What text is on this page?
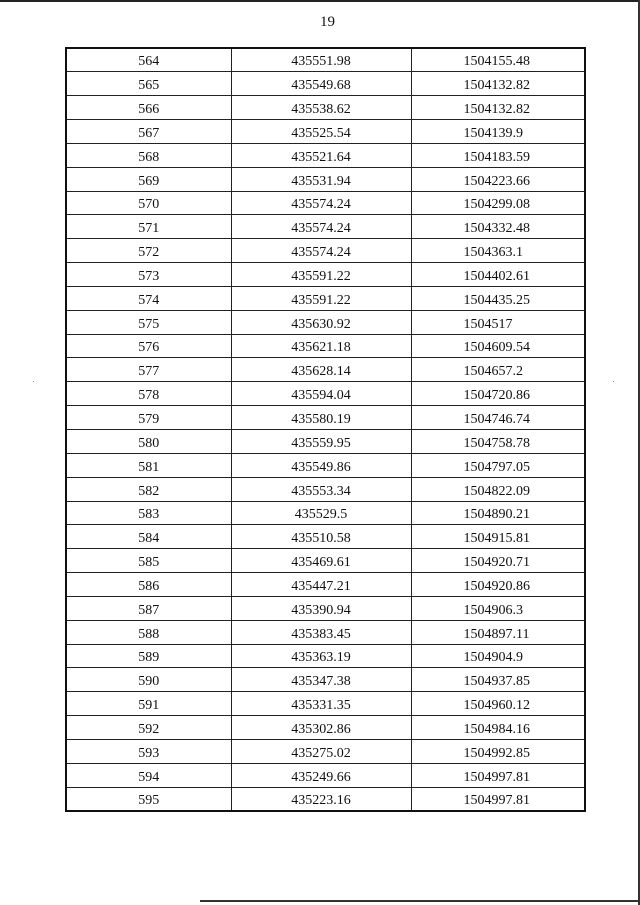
19
564	435551.98	1504155.48
565	435549.68	1504132.82
566	435538.62	1504132.82
567	435525.54	1504139.9
568	435521.64	1504183.59
569	435531.94	1504223.66
570	435574.24	1504299.08
571	435574.24	1504332.48
572	435574.24	1504363.1
573	435591.22	1504402.61
574	435591.22	1504435.25
575	435630.92	1504517
576	435621.18	1504609.54
577	435628.14	1504657.2
578	435594.04	1504720.86
579	435580.19	1504746.74
580	435559.95	1504758.78
581	435549.86	1504797.05
582	435553.34	1504822.09
583	435529.5	1504890.21
584	435510.58	1504915.81
585	435469.61	1504920.71
586	435447.21	1504920.86
587	435390.94	1504906.3
588	435383.45	1504897.11
589	435363.19	1504904.9
590	435347.38	1504937.85
591	435331.35	1504960.12
592	435302.86	1504984.16
593	435275.02	1504992.85
594	435249.66	1504997.81
595	435223.16	1504997.81
